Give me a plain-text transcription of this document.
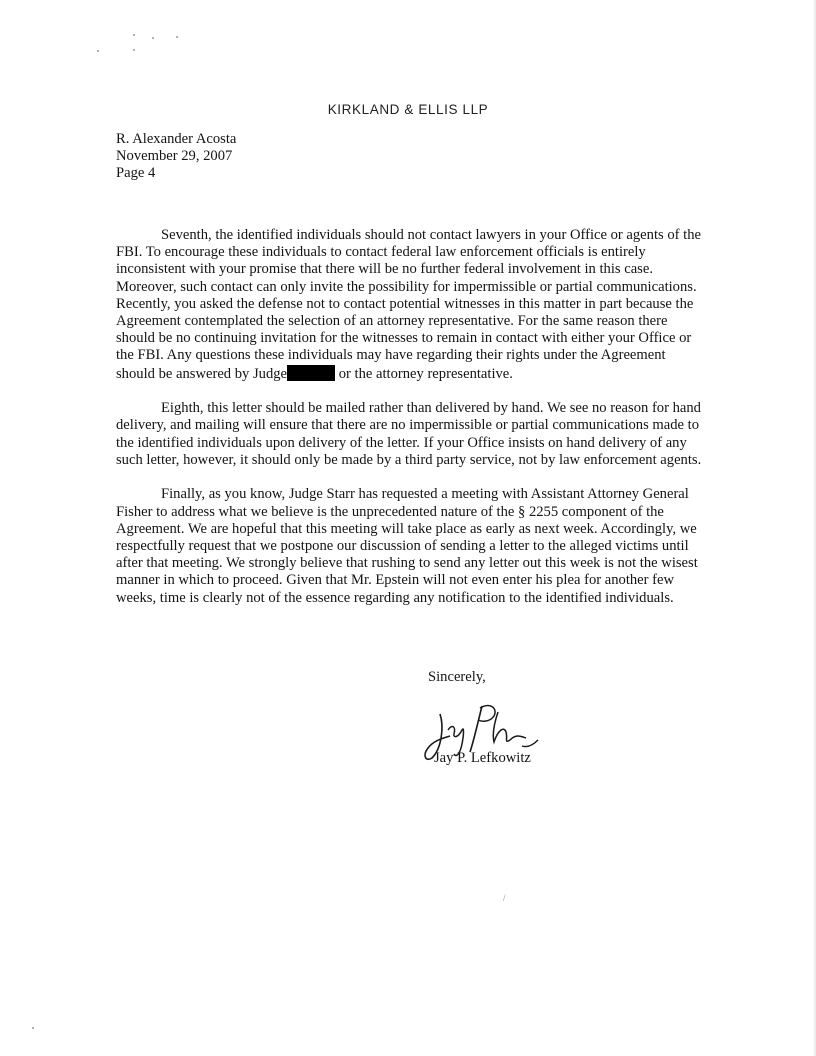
KIRKLAND & ELLIS LLP
R. Alexander Acosta
November 29, 2007
Page 4

Seventh, the identified individuals should not contact lawyers in your Office or agents of the FBI. To encourage these individuals to contact federal law enforcement officials is entirely inconsistent with your promise that there will be no further federal involvement in this case. Moreover, such contact can only invite the possibility for impermissible or partial communications. Recently, you asked the defense not to contact potential witnesses in this matter in part because the Agreement contemplated the selection of an attorney representative. For the same reason there should be no continuing invitation for the witnesses to remain in contact with either your Office or the FBI. Any questions these individuals may have regarding their rights under the Agreement should be answered by Judge	or the attorney representative.

Eighth, this letter should be mailed rather than delivered by hand. We see no reason for hand delivery, and mailing will ensure that there are no impermissible or partial communications made to the identified individuals upon delivery of the letter. If your Office insists on hand delivery of any such letter, however, it should only be made by a third party service, not by law enforcement agents.

Finally, as you know, Judge Starr has requested a meeting with Assistant Attorney General Fisher to address what we believe is the unprecedented nature of the § 2255 component of the Agreement. We are hopeful that this meeting will take place as early as next week. Accordingly, we respectfully request that we postpone our discussion of sending a letter to the alleged victims until after that meeting. We strongly believe that rushing to send any letter out this week is not the wisest manner in which to proceed. Given that Mr. Epstein will not even enter his plea for another few weeks, time is clearly not of the essence regarding any notification to the identified individuals.

Sincerely,
Jay P. Lefkowitz
/
